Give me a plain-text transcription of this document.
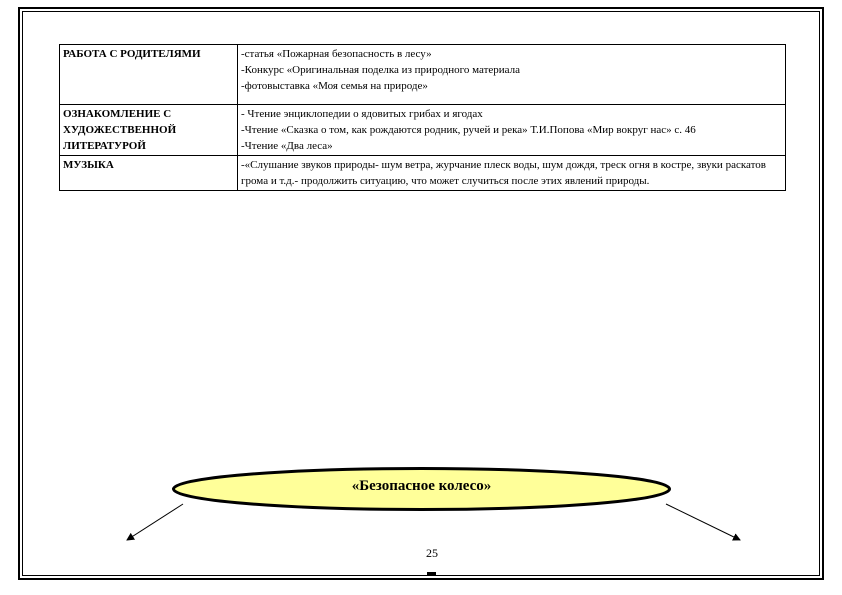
РАБОТА С РОДИТЕЛЯМИ	-статья «Пожарная безопасность в лесу»
-Конкурс «Оригинальная поделка из природного материала
-фотовыставка «Моя семья на природе»

ОЗНАКОМЛЕНИЕ С
ХУДОЖЕСТВЕННОЙ
ЛИТЕРАТУРОЙ	- Чтение энциклопедии о ядовитых грибах и ягодах
-Чтение «Сказка о том, как рождаются родник, ручей и река» Т.И.Попова «Мир вокруг нас» с. 46
-Чтение «Два леса»

МУЗЫКА	-«Слушание звуков природы- шум ветра, журчание плеск воды, шум дождя, треск огня в костре, звуки раскатов грома и т.д.- продолжить ситуацию, что может случиться после этих явлений природы.
«Безопасное колесо»
25
